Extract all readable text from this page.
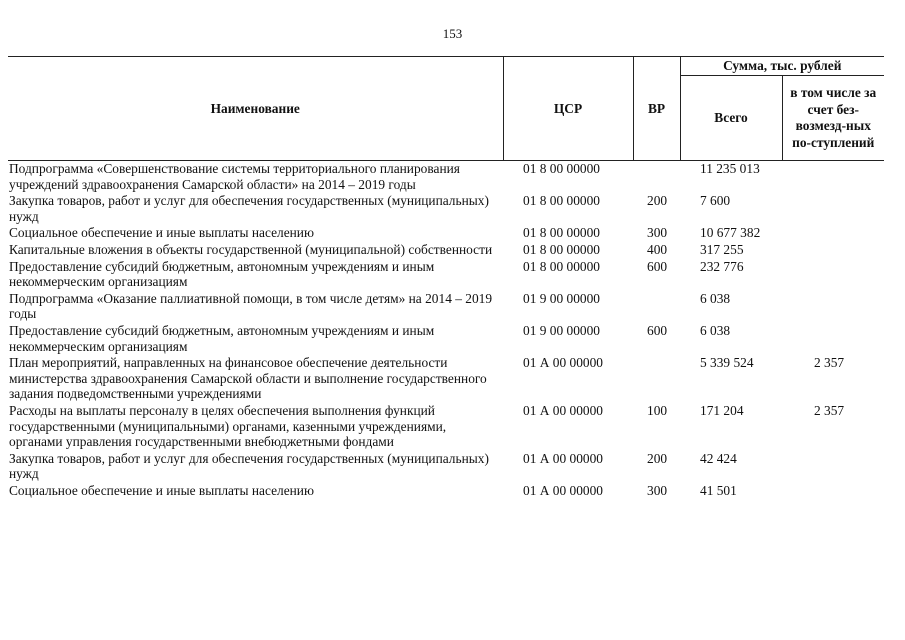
153
Наименование	ЦСР	ВР	Сумма, тыс. рублей	
			Всего	в том числе за счет без-возмезд-ных по-ступлений
Подпрограмма «Совершенствование системы территориального планирования учреждений здравоохранения Самарской области» на 2014 – 2019 годы	01 8 00 00000		11 235 013	
Закупка товаров, работ и услуг для обеспечения государственных (муниципальных) нужд	01 8 00 00000	200	7 600	
Социальное обеспечение и иные выплаты населению	01 8 00 00000	300	10 677 382	
Капитальные вложения в объекты государственной (муниципальной) собственности	01 8 00 00000	400	317 255	
Предоставление субсидий бюджетным, автономным учреждениям и иным некоммерческим организациям	01 8 00 00000	600	232 776	
Подпрограмма «Оказание паллиативной помощи, в том числе детям» на 2014 – 2019 годы	01 9 00 00000		6 038	
Предоставление субсидий бюджетным, автономным учреждениям и иным некоммерческим организациям	01 9 00 00000	600	6 038	
План мероприятий, направленных на финансовое обеспечение деятельности министерства здравоохранения Самарской области и выполнение государственного задания подведомственными учреждениями	01 А 00 00000		5 339 524	2 357
Расходы на выплаты персоналу в целях обеспечения выполнения функций государственными (муниципальными) органами, казенными учреждениями, органами управления государственными внебюджетными фондами	01 А 00 00000	100	171 204	2 357
Закупка товаров, работ и услуг для обеспечения государственных (муниципальных) нужд	01 А 00 00000	200	42 424	
Социальное обеспечение и иные выплаты населению	01 А 00 00000	300	41 501	
